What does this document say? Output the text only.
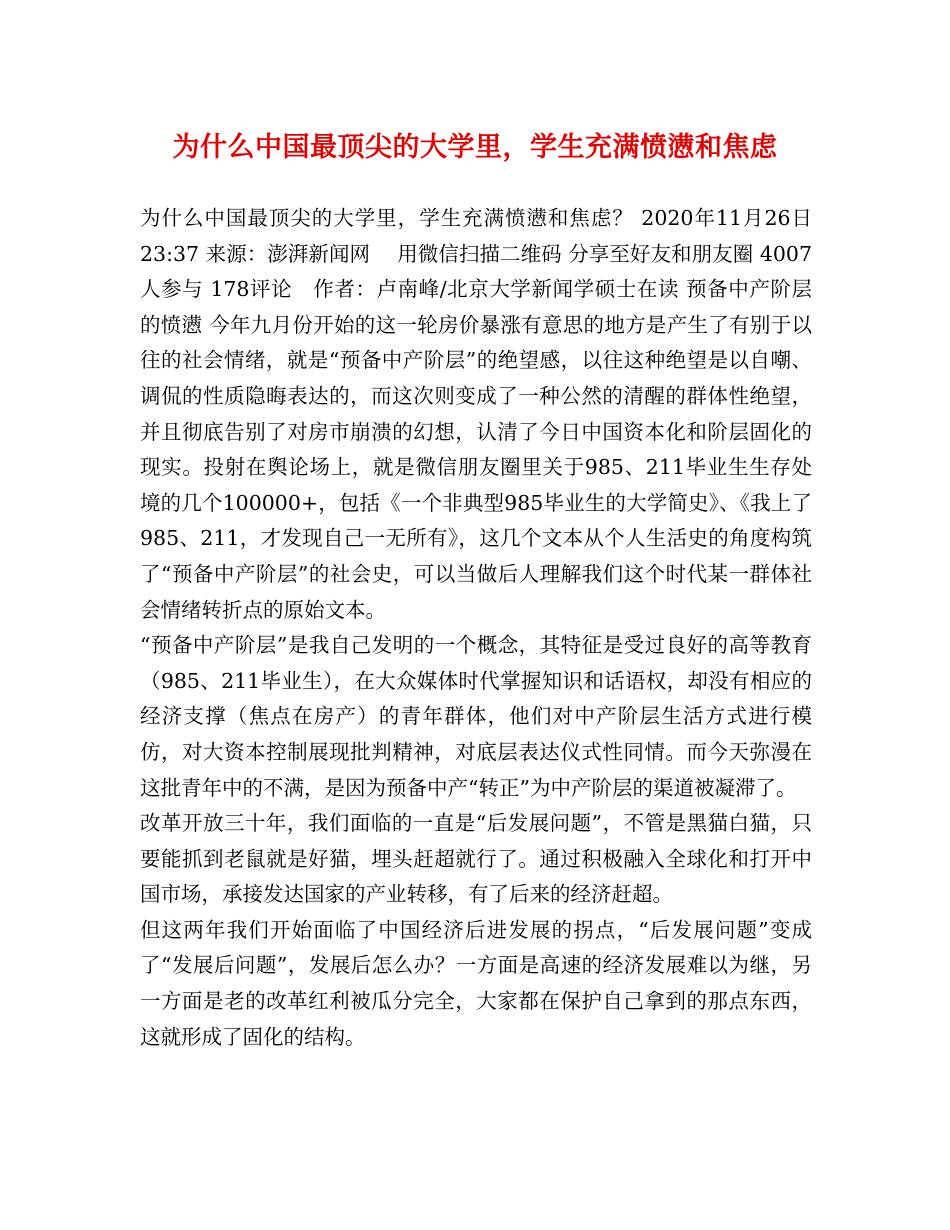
为什么中国最顶尖的大学里，学生充满愤懑和焦虑

为什么中国最顶尖的大学里，学生充满愤懑和焦虑？ 2020年11月26日 23:37 来源：澎湃新闻网　 用微信扫描二维码 分享至好友和朋友圈 4007人参与 178评论　作者：卢南峰/北京大学新闻学硕士在读 预备中产阶层的愤懑 今年九月份开始的这一轮房价暴涨有意思的地方是产生了有别于以往的社会情绪，就是“预备中产阶层”的绝望感，以往这种绝望是以自嘲、调侃的性质隐晦表达的，而这次则变成了一种公然的清醒的群体性绝望，并且彻底告别了对房市崩溃的幻想，认清了今日中国资本化和阶层固化的现实。投射在舆论场上，就是微信朋友圈里关于985、211毕业生生存处境的几个100000+，包括《一个非典型985毕业生的大学简史》、《我上了985、211，才发现自己一无所有》，这几个文本从个人生活史的角度构筑了“预备中产阶层”的社会史，可以当做后人理解我们这个时代某一群体社会情绪转折点的原始文本。

“预备中产阶层”是我自己发明的一个概念，其特征是受过良好的高等教育（985、211毕业生），在大众媒体时代掌握知识和话语权，却没有相应的经济支撑（焦点在房产）的青年群体，他们对中产阶层生活方式进行模仿，对大资本控制展现批判精神，对底层表达仪式性同情。而今天弥漫在这批青年中的不满，是因为预备中产“转正”为中产阶层的渠道被凝滞了。

改革开放三十年，我们面临的一直是“后发展问题”，不管是黑猫白猫，只要能抓到老鼠就是好猫，埋头赶超就行了。通过积极融入全球化和打开中国市场，承接发达国家的产业转移，有了后来的经济赶超。

但这两年我们开始面临了中国经济后进发展的拐点，“后发展问题”变成了“发展后问题”，发展后怎么办？一方面是高速的经济发展难以为继，另一方面是老的改革红利被瓜分完全，大家都在保护自己拿到的那点东西，这就形成了固化的结构。
